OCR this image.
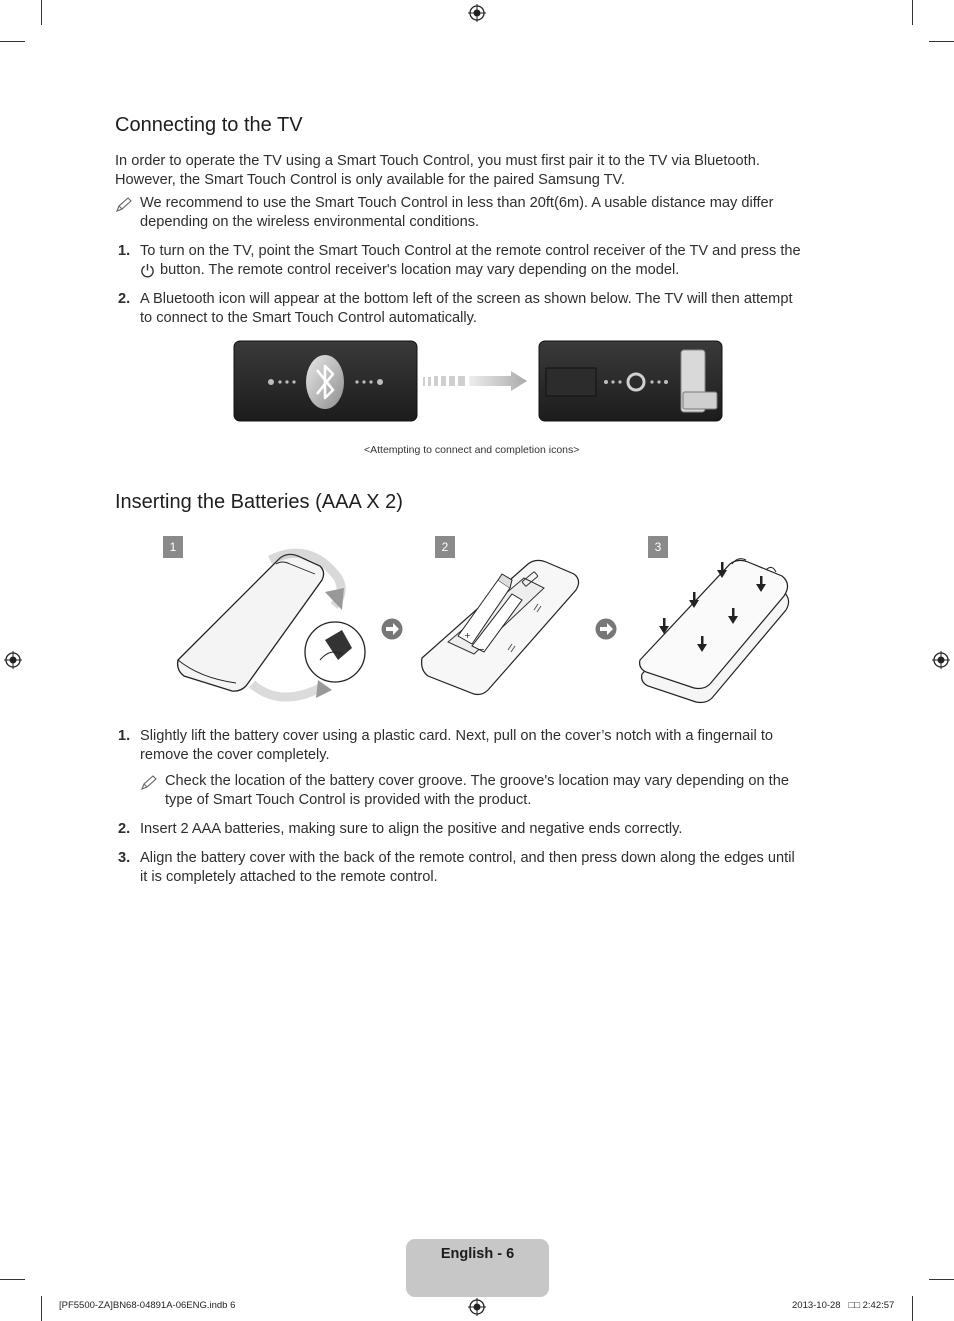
Connecting to the TV
In order to operate the TV using a Smart Touch Control, you must first pair it to the TV via Bluetooth.
However, the Smart Touch Control is only available for the paired Samsung TV.
We recommend to use the Smart Touch Control in less than 20ft(6m). A usable distance may differ
depending on the wireless environmental conditions.
1. To turn on the TV, point the Smart Touch Control at the remote control receiver of the TV and press the
button. The remote control receiver's location may vary depending on the model.
2. A Bluetooth icon will appear at the bottom left of the screen as shown below. The TV will then attempt
to connect to the Smart Touch Control automatically.
<Attempting to connect and completion icons>
Inserting the Batteries (AAA X 2)
1	2	3
+
−
1. Slightly lift the battery cover using a plastic card. Next, pull on the cover’s notch with a fingernail to
remove the cover completely.
Check the location of the battery cover groove. The groove's location may vary depending on the
type of Smart Touch Control is provided with the product.
2. Insert 2 AAA batteries, making sure to align the positive and negative ends correctly.
3. Align the battery cover with the back of the remote control, and then press down along the edges until
it is completely attached to the remote control.
English - 6
[PF5500-ZA]BN68-04891A-06ENG.indb 6	2013-10-28   □□ 2:42:57
